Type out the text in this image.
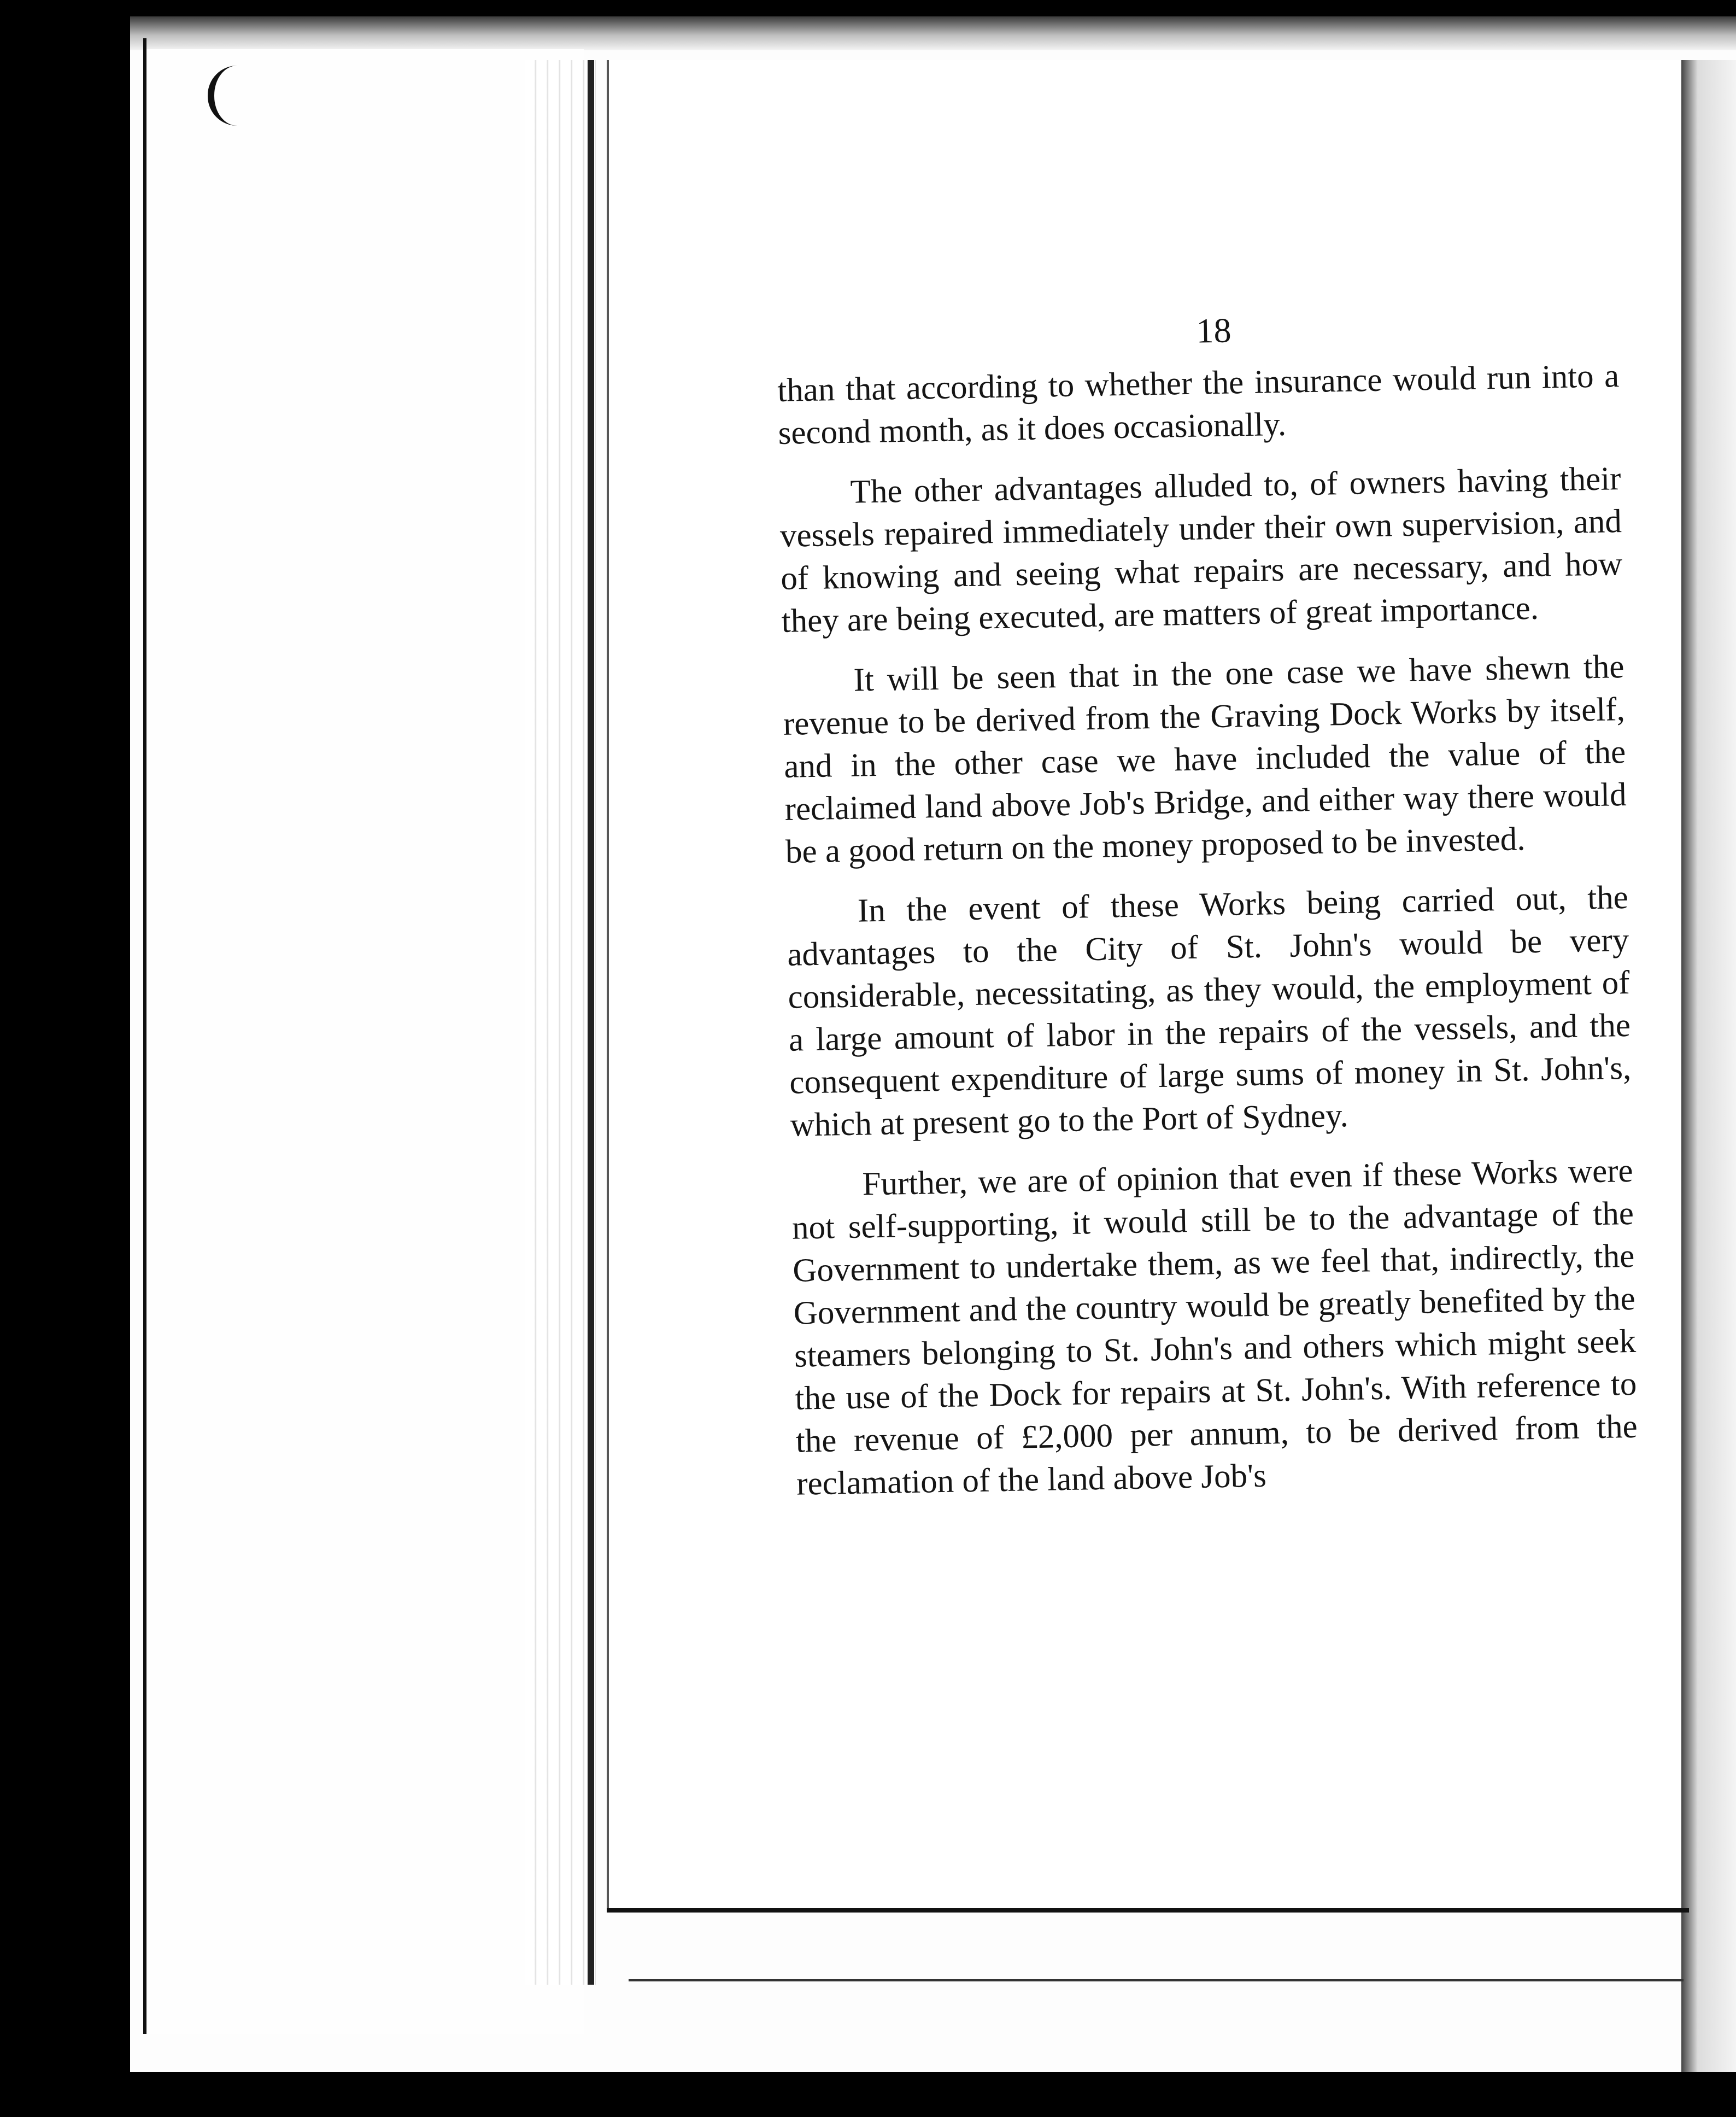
18

than that according to whether the insurance would run into a second month, as it does occasionally.

The other advantages alluded to, of owners having their vessels repaired immediately under their own supervision, and of knowing and seeing what repairs are necessary, and how they are being executed, are matters of great importance.

It will be seen that in the one case we have shewn the revenue to be derived from the Graving Dock Works by itself, and in the other case we have included the value of the reclaimed land above Job's Bridge, and either way there would be a good return on the money proposed to be invested.

In the event of these Works being carried out, the advantages to the City of St. John's would be very considerable, necessitating, as they would, the employment of a large amount of labor in the repairs of the vessels, and the consequent expenditure of large sums of money in St. John's, which at present go to the Port of Sydney.

Further, we are of opinion that even if these Works were not self-supporting, it would still be to the advantage of the Government to undertake them, as we feel that, indirectly, the Government and the country would be greatly benefited by the steamers belonging to St. John's and others which might seek the use of the Dock for repairs at St. John's. With reference to the revenue of £2,000 per annum, to be derived from the reclamation of the land above Job's
